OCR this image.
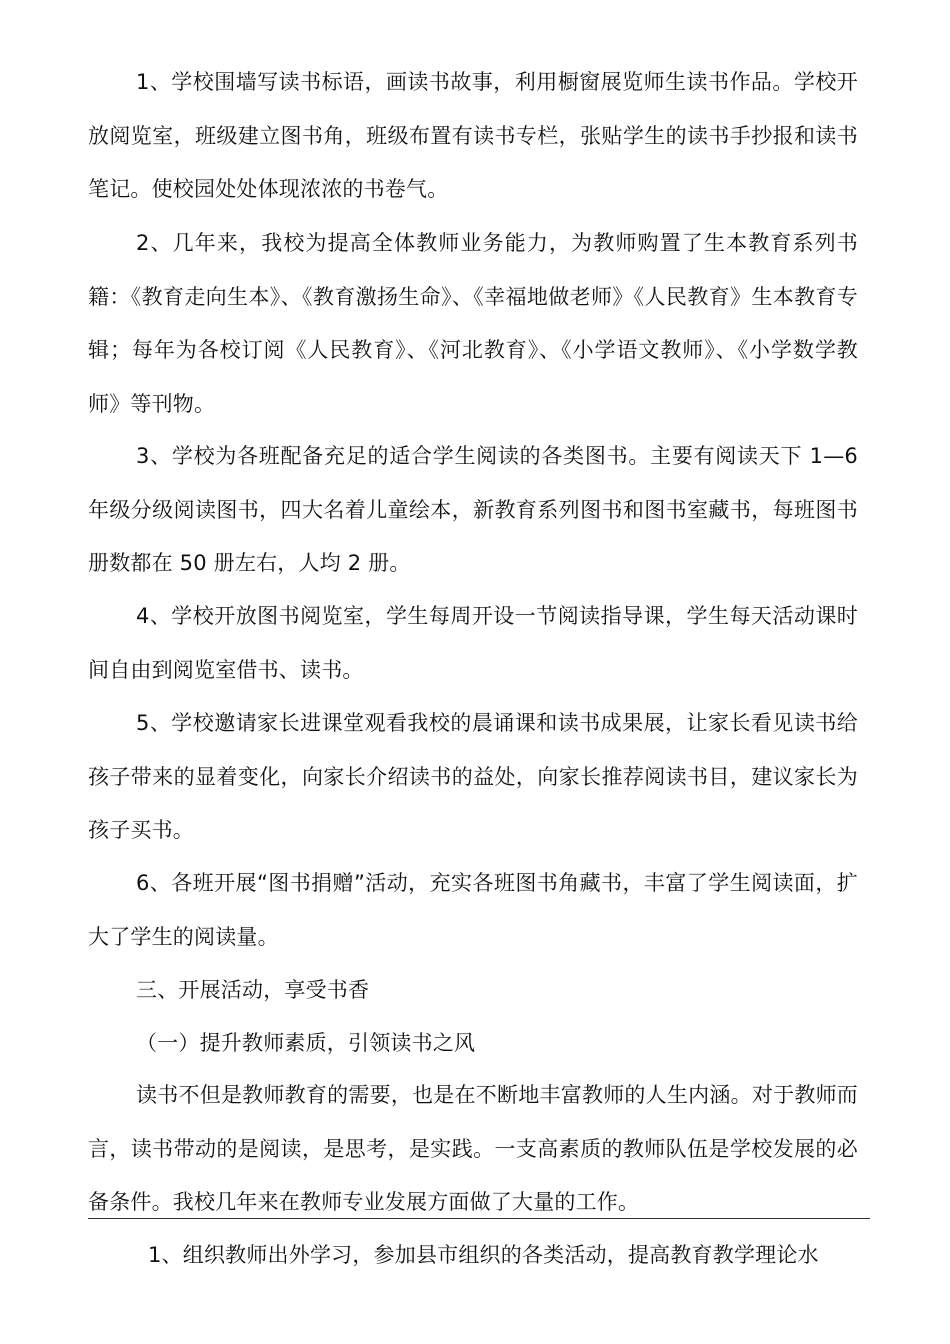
1、学校围墙写读书标语，画读书故事，利用橱窗展览师生读书作品。学校开放阅览室，班级建立图书角，班级布置有读书专栏，张贴学生的读书手抄报和读书笔记。使校园处处体现浓浓的书卷气。

2、几年来，我校为提高全体教师业务能力，为教师购置了生本教育系列书籍：《教育走向生本》、《教育激扬生命》、《幸福地做老师》《人民教育》生本教育专辑；每年为各校订阅《人民教育》、《河北教育》、《小学语文教师》、《小学数学教师》等刊物。

3、学校为各班配备充足的适合学生阅读的各类图书。主要有阅读天下 1—6 年级分级阅读图书，四大名着儿童绘本，新教育系列图书和图书室藏书，每班图书册数都在 50 册左右，人均 2 册。

4、学校开放图书阅览室，学生每周开设一节阅读指导课，学生每天活动课时间自由到阅览室借书、读书。

5、学校邀请家长进课堂观看我校的晨诵课和读书成果展，让家长看见读书给孩子带来的显着变化，向家长介绍读书的益处，向家长推荐阅读书目，建议家长为孩子买书。

6、各班开展“图书捐赠”活动，充实各班图书角藏书，丰富了学生阅读面，扩大了学生的阅读量。

三、开展活动，享受书香

（一）提升教师素质，引领读书之风

读书不但是教师教育的需要，也是在不断地丰富教师的人生内涵。对于教师而言，读书带动的是阅读，是思考，是实践。一支高素质的教师队伍是学校发展的必备条件。我校几年来在教师专业发展方面做了大量的工作。

1、组织教师出外学习，参加县市组织的各类活动，提高教育教学理论水
